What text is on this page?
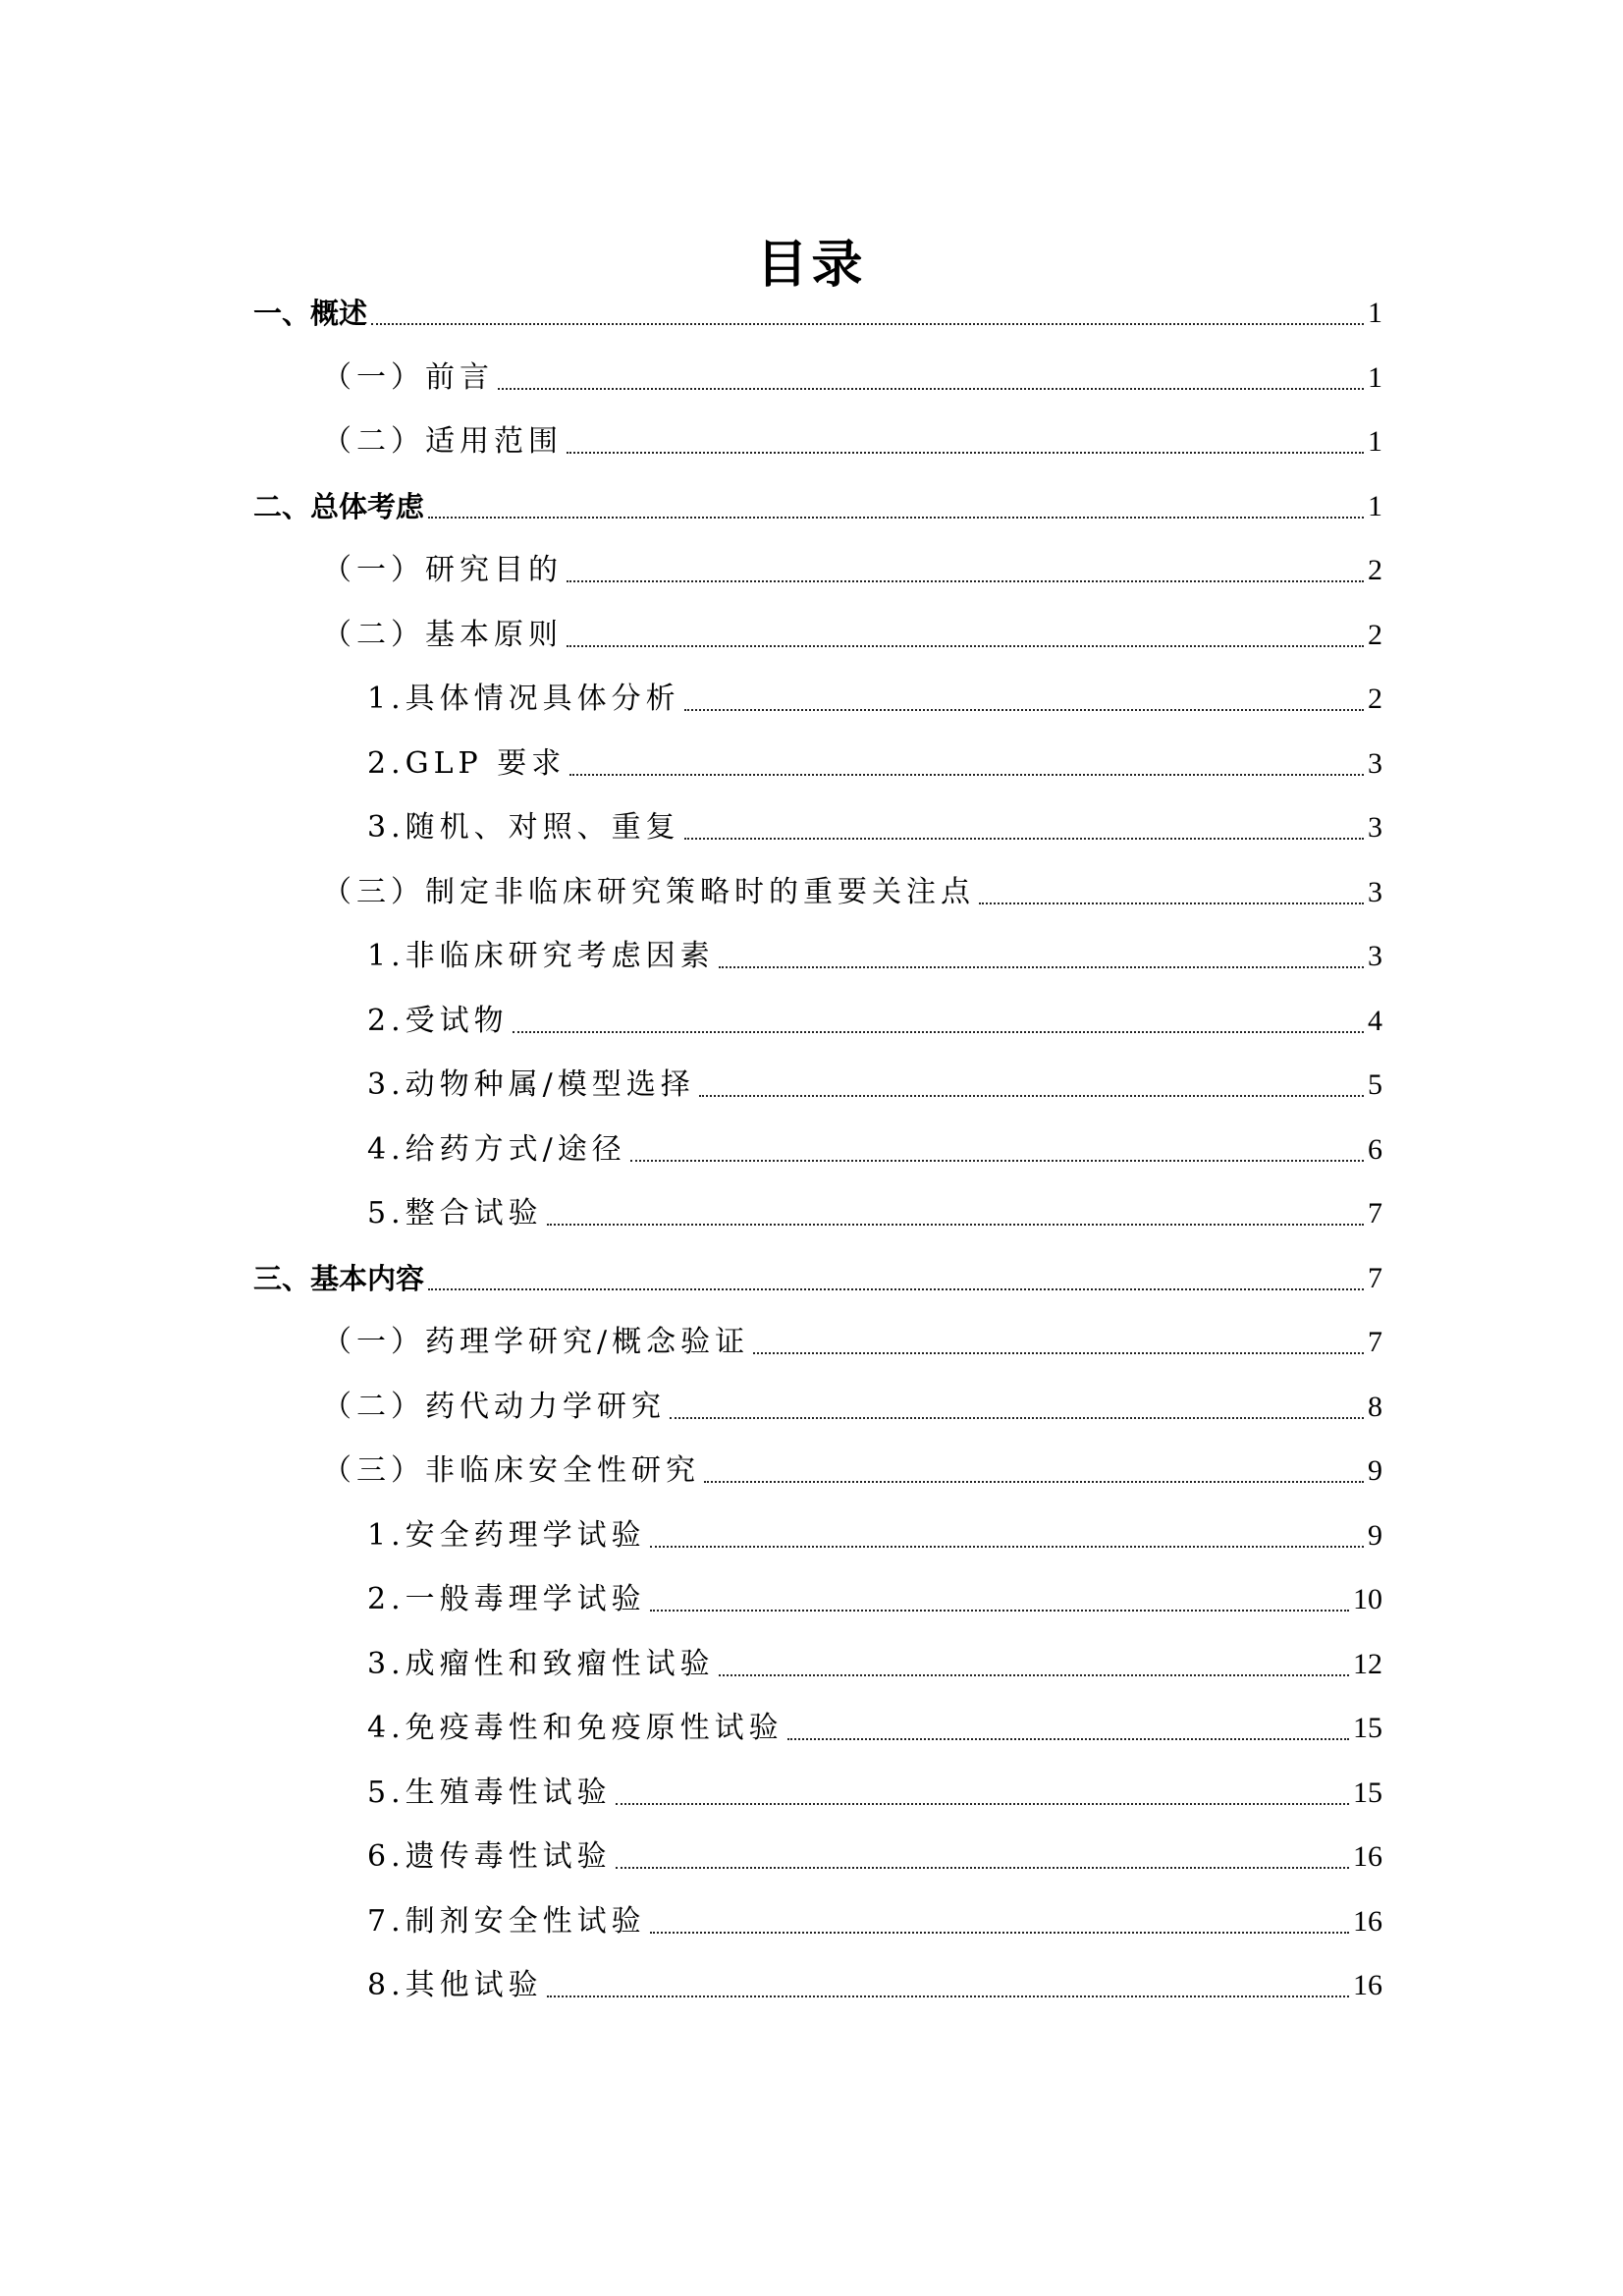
目录
一、概述	1
（一）前言	1
（二）适用范围	1
二、总体考虑	1
（一）研究目的	2
（二）基本原则	2
1.具体情况具体分析	2
2.GLP 要求	3
3.随机、对照、重复	3
（三）制定非临床研究策略时的重要关注点	3
1.非临床研究考虑因素	3
2.受试物	4
3.动物种属/模型选择	5
4.给药方式/途径	6
5.整合试验	7
三、基本内容	7
（一）药理学研究/概念验证	7
（二）药代动力学研究	8
（三）非临床安全性研究	9
1.安全药理学试验	9
2.一般毒理学试验	10
3.成瘤性和致瘤性试验	12
4.免疫毒性和免疫原性试验	15
5.生殖毒性试验	15
6.遗传毒性试验	16
7.制剂安全性试验	16
8.其他试验	16
